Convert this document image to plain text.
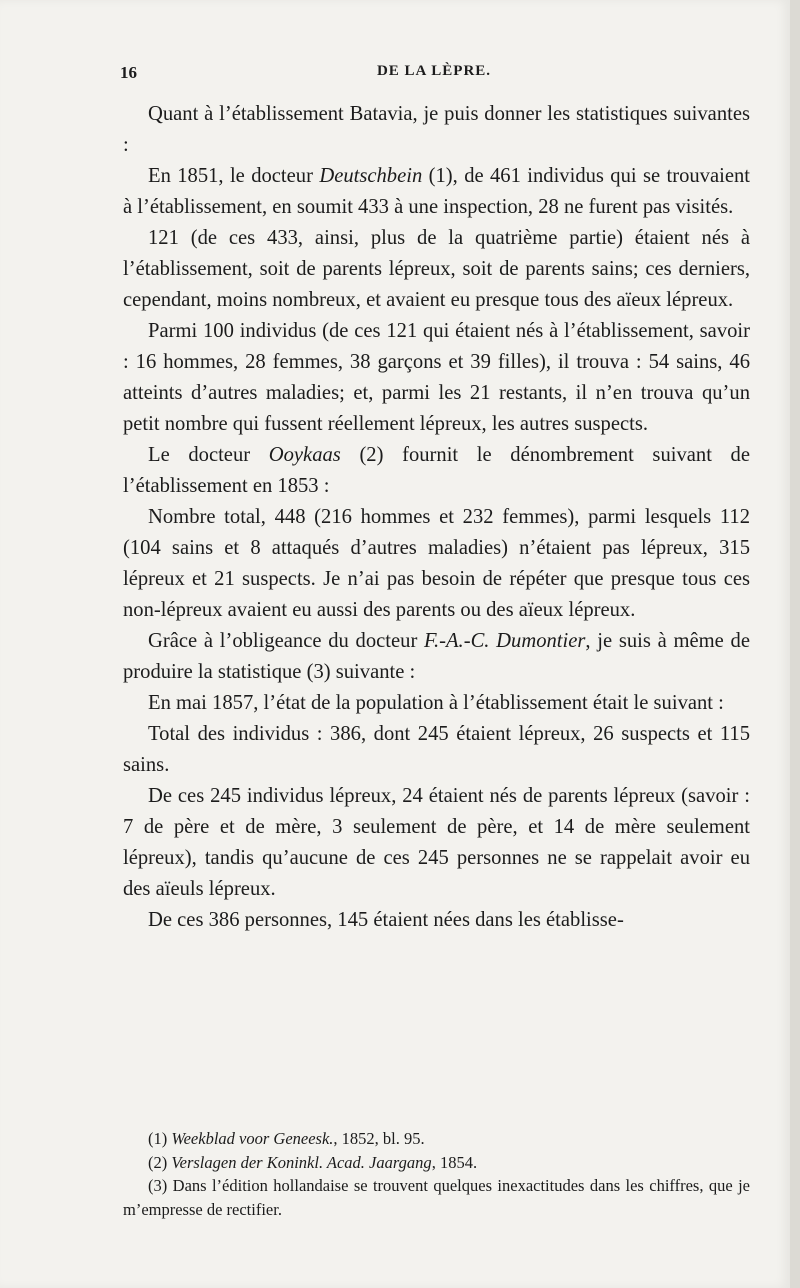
16	DE LA LÈPRE.

Quant à l’établissement Batavia, je puis donner les statistiques suivantes :

En 1851, le docteur Deutschbein (1), de 461 individus qui se trouvaient à l’établissement, en soumit 433 à une inspection, 28 ne furent pas visités.

121 (de ces 433, ainsi, plus de la quatrième partie) étaient nés à l’établissement, soit de parents lépreux, soit de parents sains; ces derniers, cependant, moins nombreux, et avaient eu presque tous des aïeux lépreux.

Parmi 100 individus (de ces 121 qui étaient nés à l’établissement, savoir : 16 hommes, 28 femmes, 38 garçons et 39 filles), il trouva : 54 sains, 46 atteints d’autres maladies; et, parmi les 21 restants, il n’en trouva qu’un petit nombre qui fussent réellement lépreux, les autres suspects.

Le docteur Ooykaas (2) fournit le dénombrement suivant de l’établissement en 1853 :

Nombre total, 448 (216 hommes et 232 femmes), parmi lesquels 112 (104 sains et 8 attaqués d’autres maladies) n’étaient pas lépreux, 315 lépreux et 21 suspects. Je n’ai pas besoin de répéter que presque tous ces non-lépreux avaient eu aussi des parents ou des aïeux lépreux.

Grâce à l’obligeance du docteur F.-A.-C. Dumontier, je suis à même de produire la statistique (3) suivante :

En mai 1857, l’état de la population à l’établissement était le suivant :

Total des individus : 386, dont 245 étaient lépreux, 26 suspects et 115 sains.

De ces 245 individus lépreux, 24 étaient nés de parents lépreux (savoir : 7 de père et de mère, 3 seulement de père, et 14 de mère seulement lépreux), tandis qu’aucune de ces 245 personnes ne se rappelait avoir eu des aïeuls lépreux.

De ces 386 personnes, 145 étaient nées dans les établisse-

(1) Weekblad voor Geneesk., 1852, bl. 95.

(2) Verslagen der Koninkl. Acad. Jaargang, 1854.

(3) Dans l’édition hollandaise se trouvent quelques inexactitudes dans les chiffres, que je m’empresse de rectifier.
